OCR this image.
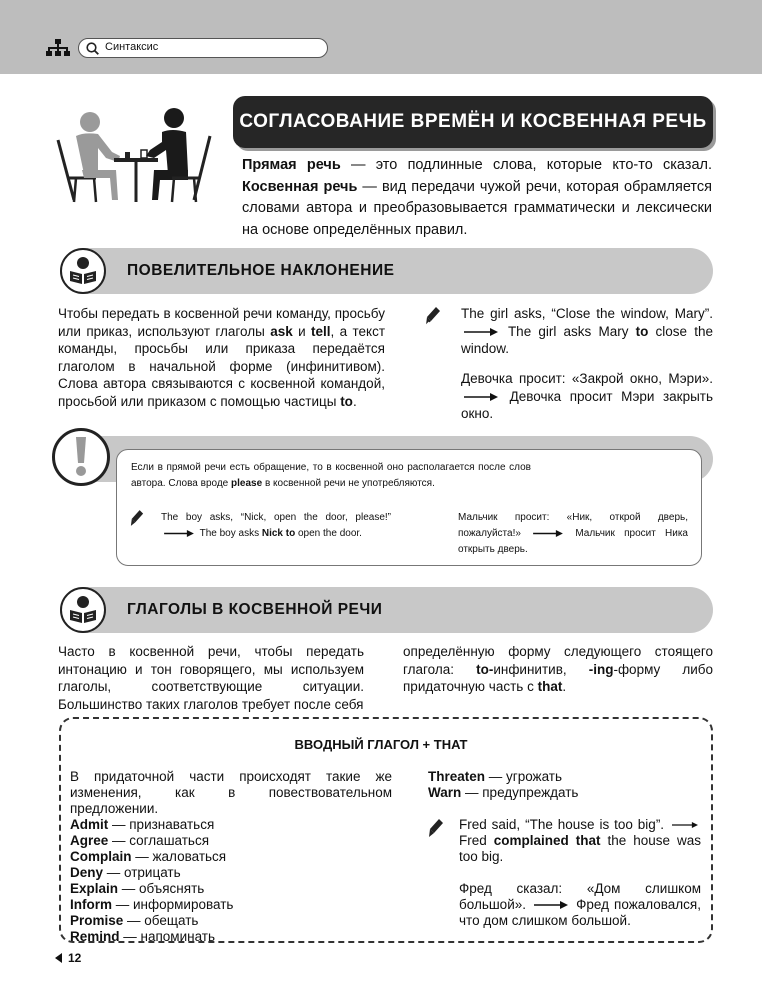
Синтаксис
СОГЛАСОВАНИЕ ВРЕМЁН И КОСВЕННАЯ РЕЧЬ
Прямая речь — это подлинные слова, которые кто-то сказал. Косвенная речь — вид передачи чужой речи, которая обрамляется словами автора и преобразовывается грамматически и лексически на основе определённых правил.
ПОВЕЛИТЕЛЬНОЕ НАКЛОНЕНИЕ
Чтобы передать в косвенной речи команду, просьбу или приказ, используют глаголы ask и tell, а текст команды, просьбы или приказа передаётся глаголом в начальной форме (инфинитивом). Слова автора связываются с косвенной командой, просьбой или приказом с помощью частицы to.
The girl asks, “Close the window, Mary”.  The girl asks Mary to close the window.
Девочка просит: «Закрой окно, Мэри».  Девочка просит Мэри закрыть окно.
Если в прямой речи есть обращение, то в косвенной оно располагается после слов автора. Слова вроде please в косвенной речи не употребляются.
The boy asks, “Nick, open the door, please!”  The boy asks Nick to open the door.
Мальчик просит: «Ник, открой дверь, пожалуйста!»	Мальчик просит Ника открыть дверь.
ГЛАГОЛЫ В КОСВЕННОЙ РЕЧИ
Часто в косвенной речи, чтобы передать интонацию и тон говорящего, мы используем глаголы, соответствующие ситуации. Большинство таких глаголов требует после себя
определённую форму следующего стоящего глагола: to-инфинитив, -ing-форму либо придаточную часть с that.
ВВОДНЫЙ ГЛАГОЛ + THAT
В придаточной части происходят такие же изменения, как в повествовательном предложении.
Admit — признаваться
Agree — соглашаться
Complain — жаловаться
Deny — отрицать
Explain — объяснять
Inform — информировать
Promise — обещать
Remind — напоминать
Threaten — угрожать
Warn — предупреждать
Fred said, “The house is too big”.  Fred complained that the house was too big.
Фред сказал: «Дом слишком большой».	Фред пожаловался, что дом слишком большой.
12
